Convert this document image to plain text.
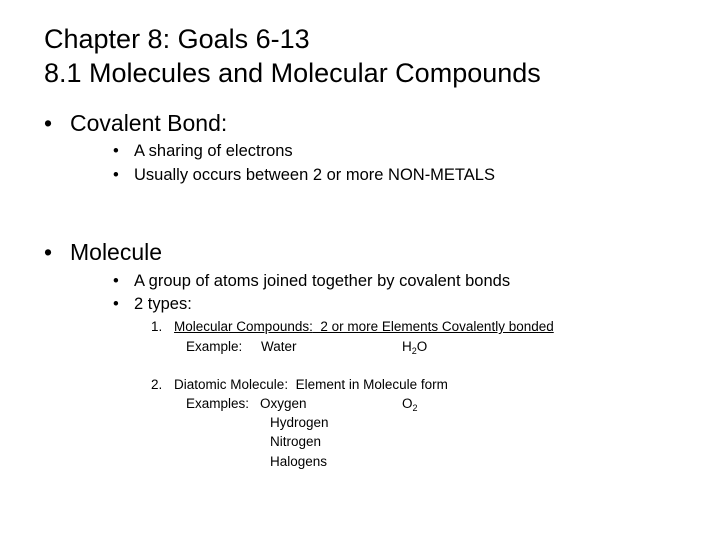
Chapter 8: Goals 6-13
8.1 Molecules and Molecular Compounds
• Covalent Bond:
• A sharing of electrons
• Usually occurs between 2 or more NON-METALS
• Molecule
• A group of atoms joined together by covalent bonds
• 2 types:
1. Molecular Compounds:  2 or more Elements Covalently bonded
Example: Water	$H_2O$
2. Diatomic Molecule:  Element in Molecule form
Examples: Oxygen	$O_2$
Hydrogen
Nitrogen
Halogens
